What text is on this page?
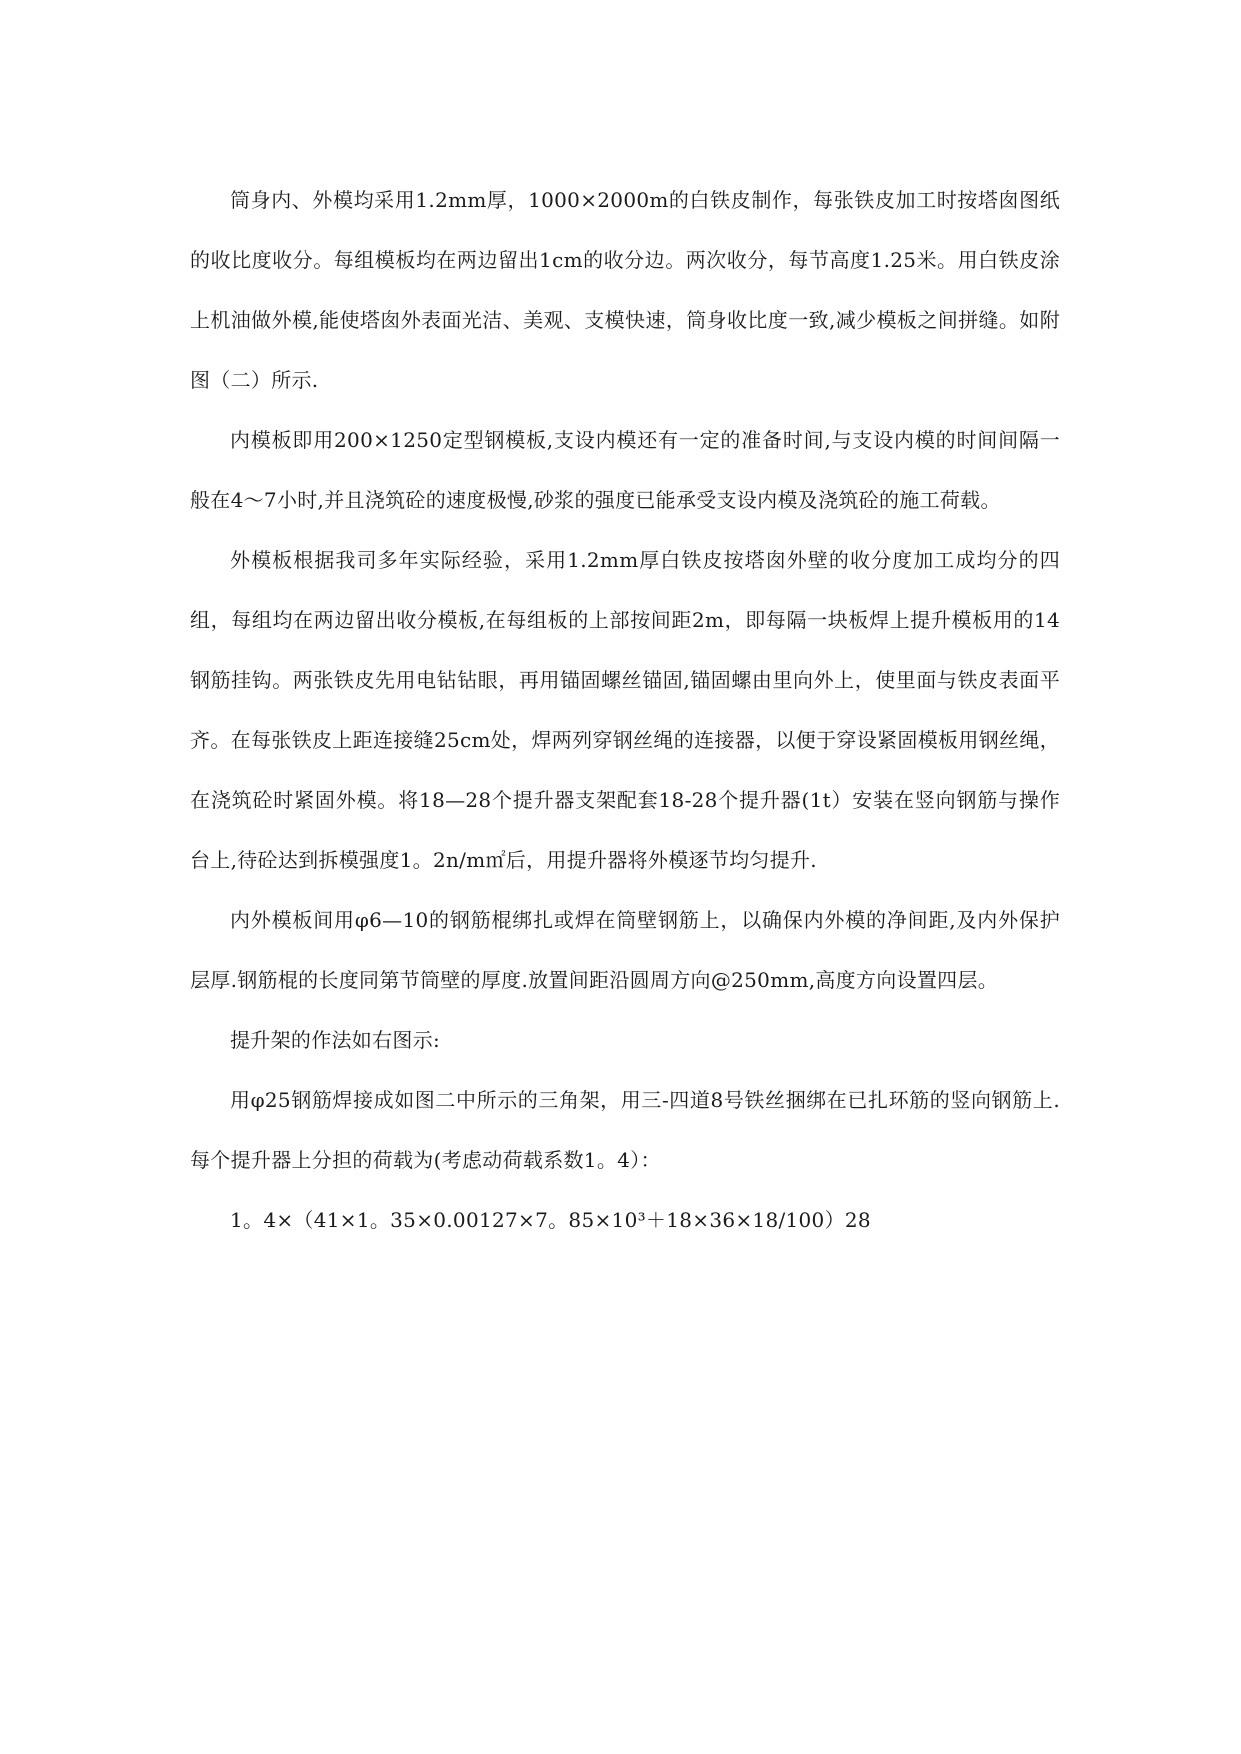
筒身内、外模均采用1.2mm厚，1000×2000m的白铁皮制作，每张铁皮加工时按塔囱图纸的收比度收分。每组模板均在两边留出1cm的收分边。两次收分，每节高度1.25米。用白铁皮涂上机油做外模,能使塔囱外表面光洁、美观、支模快速，筒身收比度一致,减少模板之间拼缝。如附图（二）所示.

内模板即用200×1250定型钢模板,支设内模还有一定的准备时间,与支设内模的时间间隔一般在4～7小时,并且浇筑砼的速度极慢,砂浆的强度已能承受支设内模及浇筑砼的施工荷载。

外模板根据我司多年实际经验，采用1.2mm厚白铁皮按塔囱外壁的收分度加工成均分的四组，每组均在两边留出收分模板,在每组板的上部按间距2m，即每隔一块板焊上提升模板用的14钢筋挂钩。两张铁皮先用电钻钻眼，再用锚固螺丝锚固,锚固螺由里向外上，使里面与铁皮表面平齐。在每张铁皮上距连接缝25cm处，焊两列穿钢丝绳的连接器，以便于穿设紧固模板用钢丝绳，在浇筑砼时紧固外模。将18—28个提升器支架配套18-28个提升器(1t）安装在竖向钢筋与操作台上,待砼达到拆模强度1。2n/m㎡后，用提升器将外模逐节均匀提升.

内外模板间用φ6—10的钢筋棍绑扎或焊在筒壁钢筋上，以确保内外模的净间距,及内外保护层厚.钢筋棍的长度同第节筒壁的厚度.放置间距沿圆周方向@250mm,高度方向设置四层。

提升架的作法如右图示:

用φ25钢筋焊接成如图二中所示的三角架，用三-四道8号铁丝捆绑在已扎环筋的竖向钢筋上.每个提升器上分担的荷载为(考虑动荷载系数1。4）：

1。4×（41×1。35×0.00127×7。85×10³＋18×36×18/100）28
